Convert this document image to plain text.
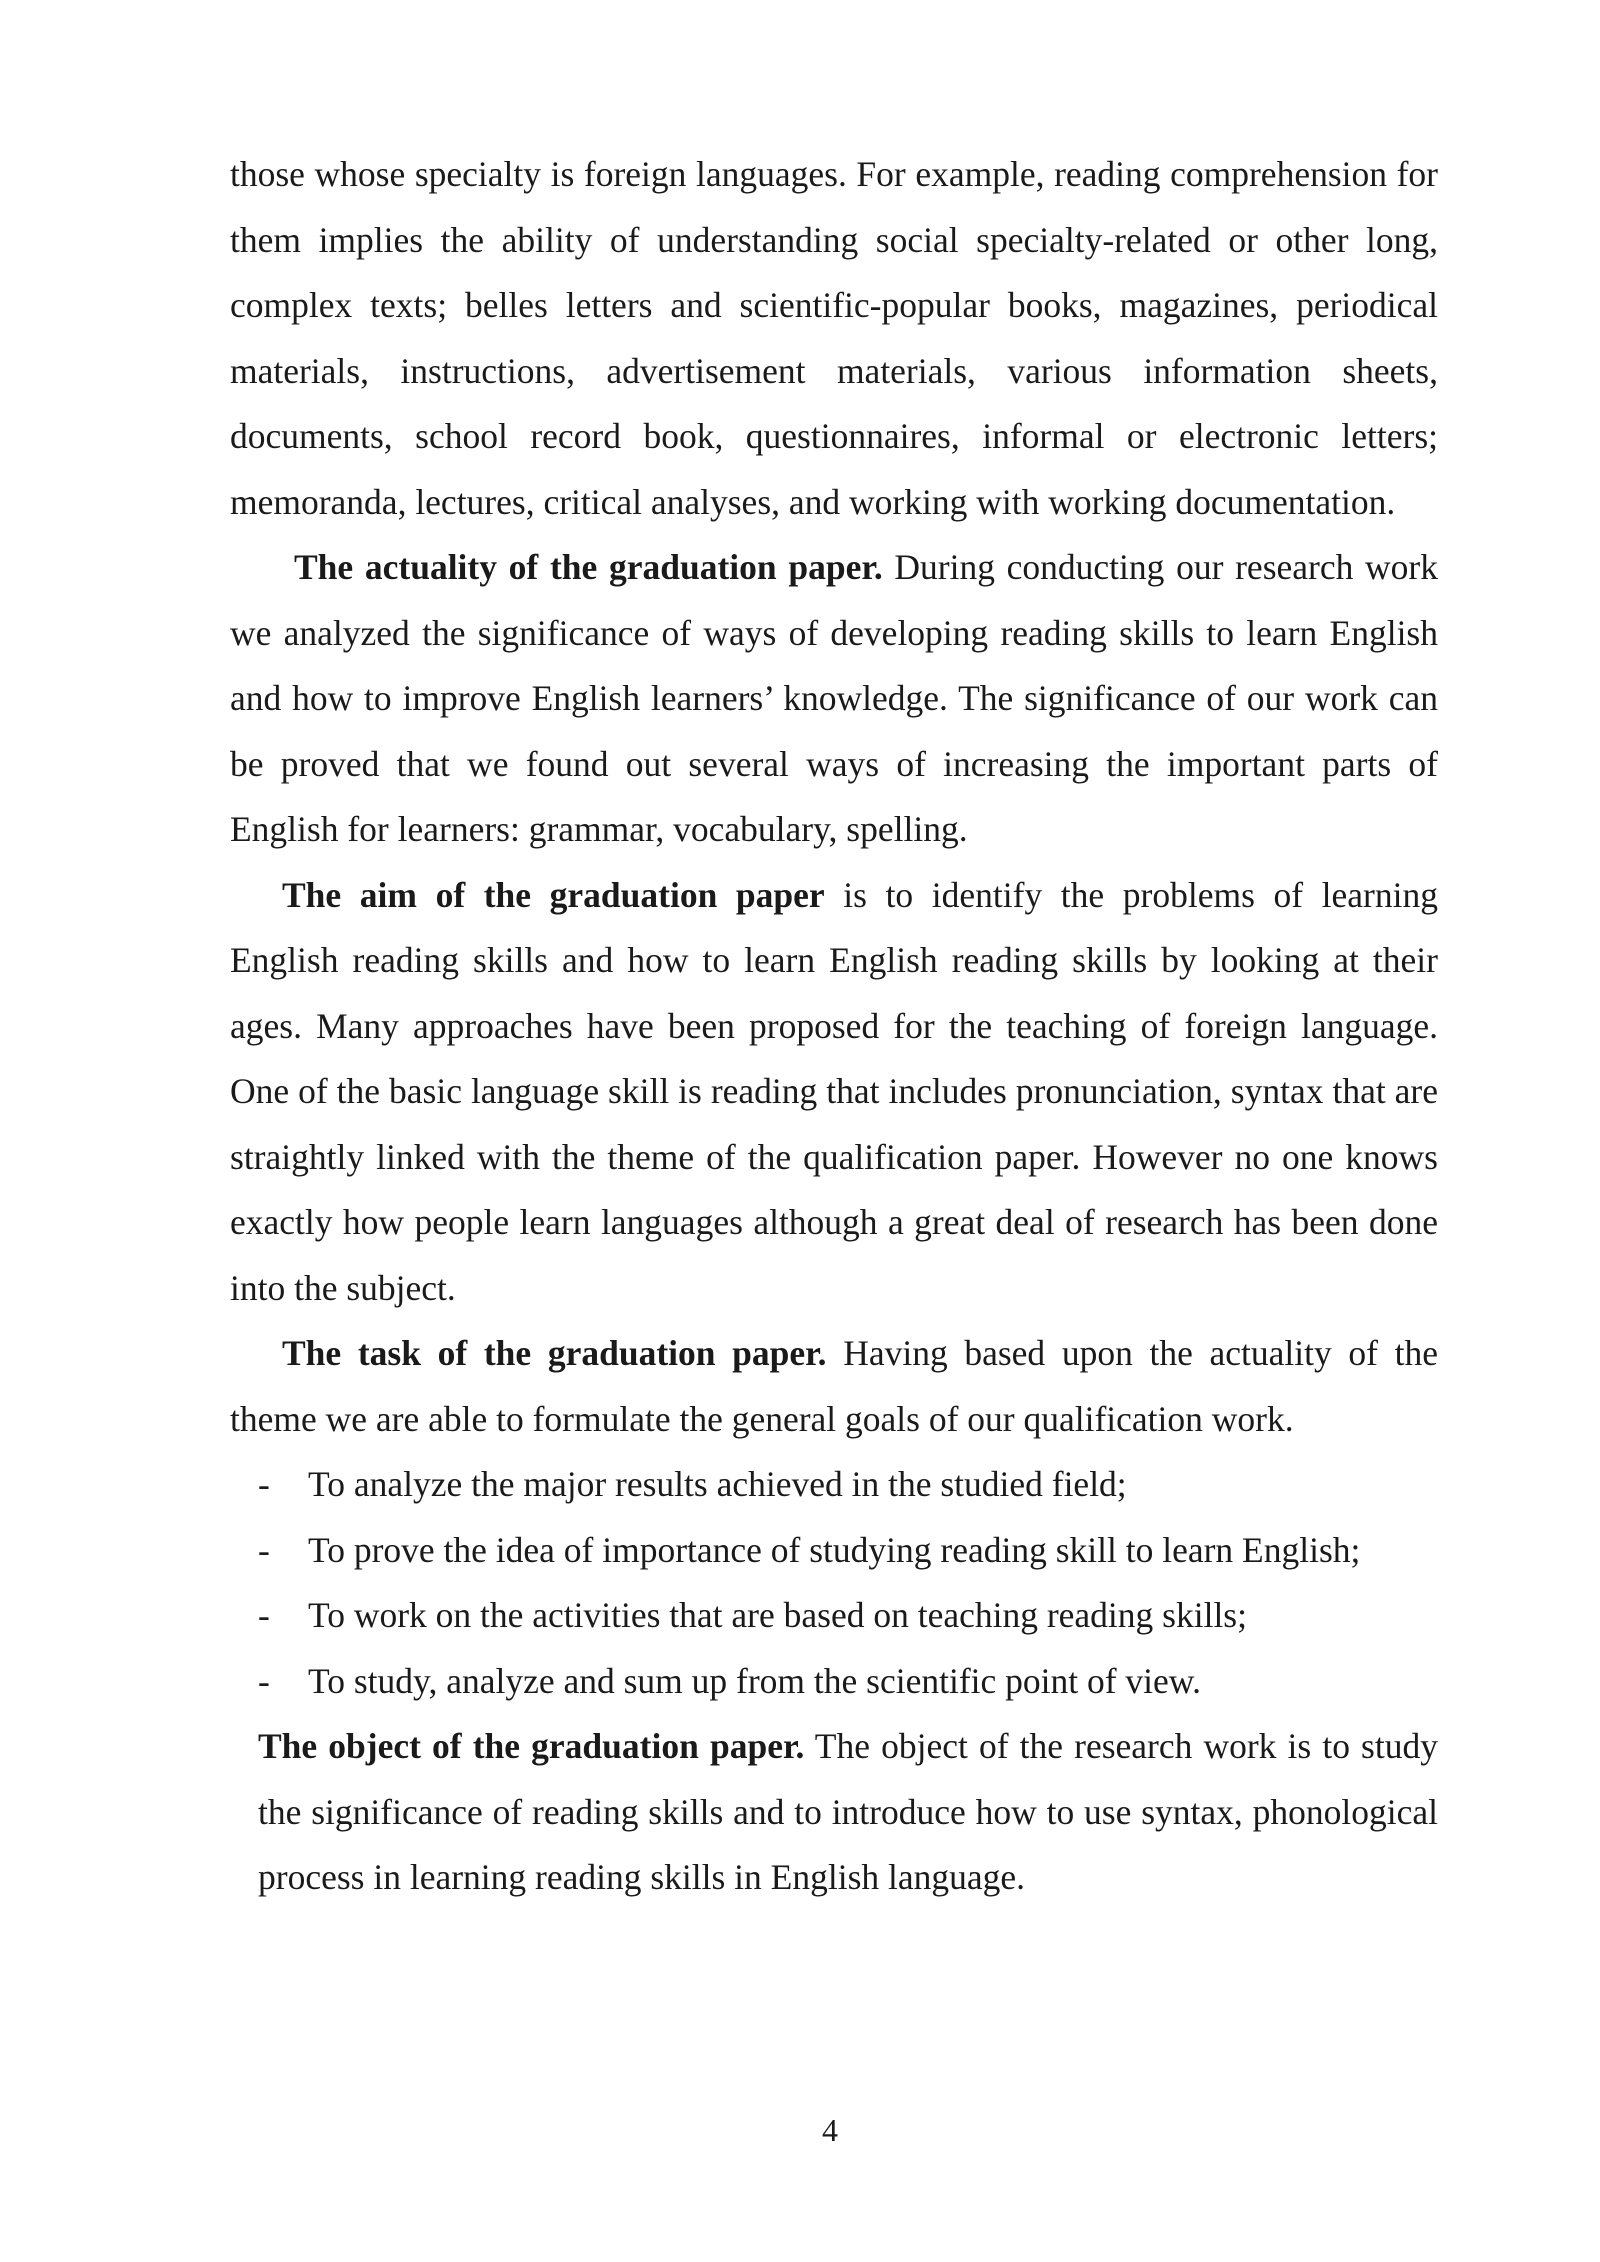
those whose specialty is foreign languages. For example, reading comprehension for them implies the ability of understanding social specialty-related or other long, complex texts; belles letters and scientific-popular books, magazines, periodical materials, instructions, advertisement materials, various information sheets, documents, school record book, questionnaires, informal or electronic letters; memoranda, lectures, critical analyses, and working with working documentation.

The actuality of the graduation paper. During conducting our research work we analyzed the significance of ways of developing reading skills to learn English and how to improve English learners’ knowledge. The significance of our work can be proved that we found out several ways of increasing the important parts of English for learners: grammar, vocabulary, spelling.

The aim of the graduation paper is to identify the problems of learning English reading skills and how to learn English reading skills by looking at their ages. Many approaches have been proposed for the teaching of foreign language. One of the basic language skill is reading that includes pronunciation, syntax that are straightly linked with the theme of the qualification paper. However no one knows exactly how people learn languages although a great deal of research has been done into the subject.

The task of the graduation paper. Having based upon the actuality of the theme we are able to formulate the general goals of our qualification work.

- To analyze the major results achieved in the studied field;
- To prove the idea of importance of studying reading skill to learn English;
- To work on the activities that are based on teaching reading skills;
- To study, analyze and sum up from the scientific point of view.

The object of the graduation paper. The object of the research work is to study the significance of reading skills and to introduce how to use syntax, phonological process in learning reading skills in English language.

4
